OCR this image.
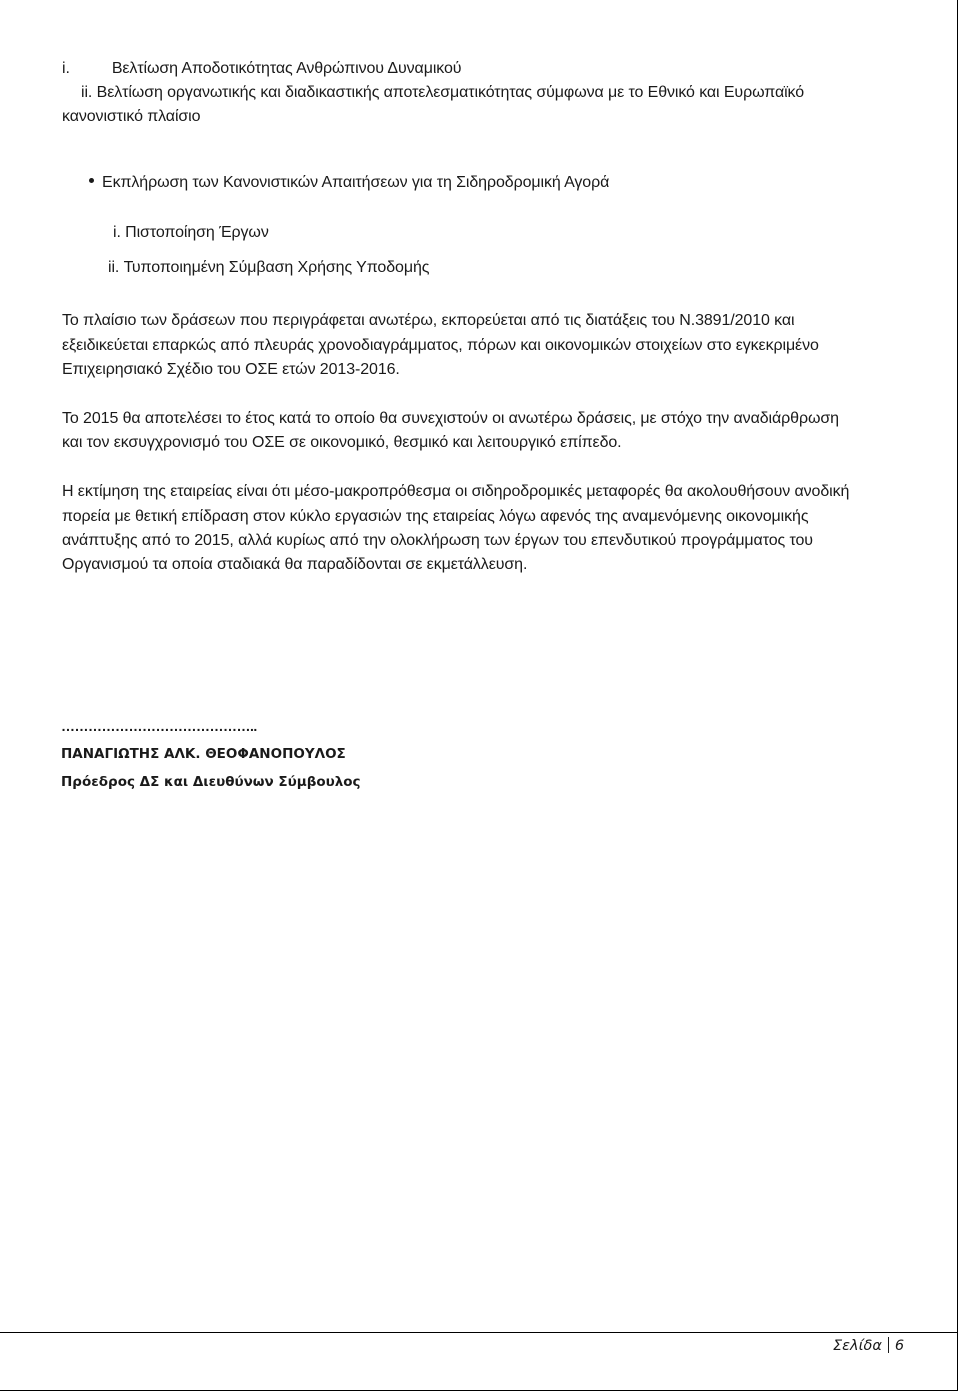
i.	Βελτίωση Αποδοτικότητας Ανθρώπινου Δυναμικού
ii. Βελτίωση οργανωτικής και διαδικαστικής αποτελεσματικότητας σύμφωνα με το Εθνικό και Ευρωπαϊκό
κανονιστικό πλαίσιο
Εκπλήρωση των Κανονιστικών Απαιτήσεων για τη Σιδηροδρομική Αγορά
i. Πιστοποίηση Έργων
ii. Τυποποιημένη Σύμβαση Χρήσης Υποδομής
Το πλαίσιο των δράσεων που περιγράφεται ανωτέρω, εκπορεύεται από τις διατάξεις του Ν.3891/2010 και
εξειδικεύεται επαρκώς από πλευράς χρονοδιαγράμματος, πόρων και οικονομικών στοιχείων στο εγκεκριμένο
Επιχειρησιακό Σχέδιο του ΟΣΕ ετών 2013-2016.
Το 2015 θα αποτελέσει το έτος κατά το οποίο θα συνεχιστούν οι ανωτέρω δράσεις, με στόχο την αναδιάρθρωση
και τον εκσυγχρονισμό του ΟΣΕ σε οικονομικό, θεσμικό και λειτουργικό επίπεδο.
Η εκτίμηση της εταιρείας είναι ότι μέσο-μακροπρόθεσμα οι σιδηροδρομικές μεταφορές θα ακολουθήσουν ανοδική
πορεία με θετική επίδραση στον κύκλο εργασιών της εταιρείας λόγω αφενός της αναμενόμενης οικονομικής
ανάπτυξης από το 2015, αλλά κυρίως από την ολοκλήρωση των έργων του επενδυτικού προγράμματος του
Οργανισμού τα οποία σταδιακά θα παραδίδονται σε εκμετάλλευση.
……………………………………..
ΠΑΝΑΓΙΩΤΗΣ ΑΛΚ. ΘΕΟΦΑΝΟΠΟΥΛΟΣ
Πρόεδρος ΔΣ και Διευθύνων Σύμβουλος
Σελίδα 6
